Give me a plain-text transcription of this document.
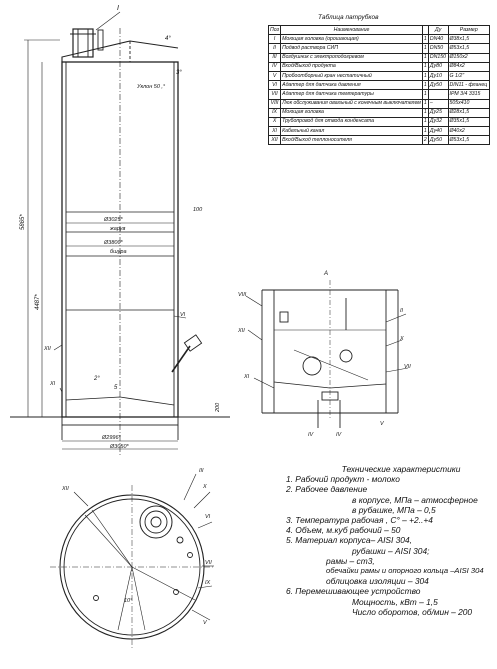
I
4°
3°
Уклон 50 ,°
5865*
4487*
Ø3025*
жарув
Ø3800*
бшура
100
VI
XII
XI
2°
5
Ø2996*
Ø3050*
200
A
VIII
XII
XI
II
X
VII
IV	IV
V
III
X
VI
VII
IX
V
XII
10°
Таблица патрубков
Поз	Наименование		Ду	Размер
I	Моющая головка (орошающая)	1	DN40	Ø38x1,5
II	Подвод раствора СИП	1	DN50	Ø53x1,5
III	Воздушник с электроподогревом	1	DN150	Ø150x2
IV	Вход/Выход продукта	1	Ду80	Ø84x2
V	Пробоотборный кран нестатичный	1	Ду10	G 1/2"
VI	Адаптер для датчика давления	1	Ду50	DIN11 - фланец
VII	Адаптер для датчика температуры	1		IPM 3/4 3315
VIII	Люк обслуживания овальный с конечным выключателем	1	–	505x410
IX	Моющая головка	1	Ду25	Ø28x1,5
X	Трубопровод для отвода конденсата	1	Ду32	Ø35x1,5
XI	Кабельный канал	1	Ду40	Ø40x2
XII	Вход/Выход теплоносителя	2	Ду50	Ø53x1,5
Технические характеристики
1. Рабочий продукт - молоко
2. Рабочее давление
в корпусе, МПа – атмосферное
в рубашке, МПа – 0,5
3. Температура рабочая , С° – +2..+4
4. Объем, м.куб рабочий – 50
5. Материал корпуса– AISI 304,
рубашки – AISI 304;
рамы – ст3,
обечайки рамы и опорного кольца –AISI 304
облицовка изоляции – 304
6. Перемешивающее устройство
Мощность, кВт – 1,5
Число оборотов, об/мин – 200
